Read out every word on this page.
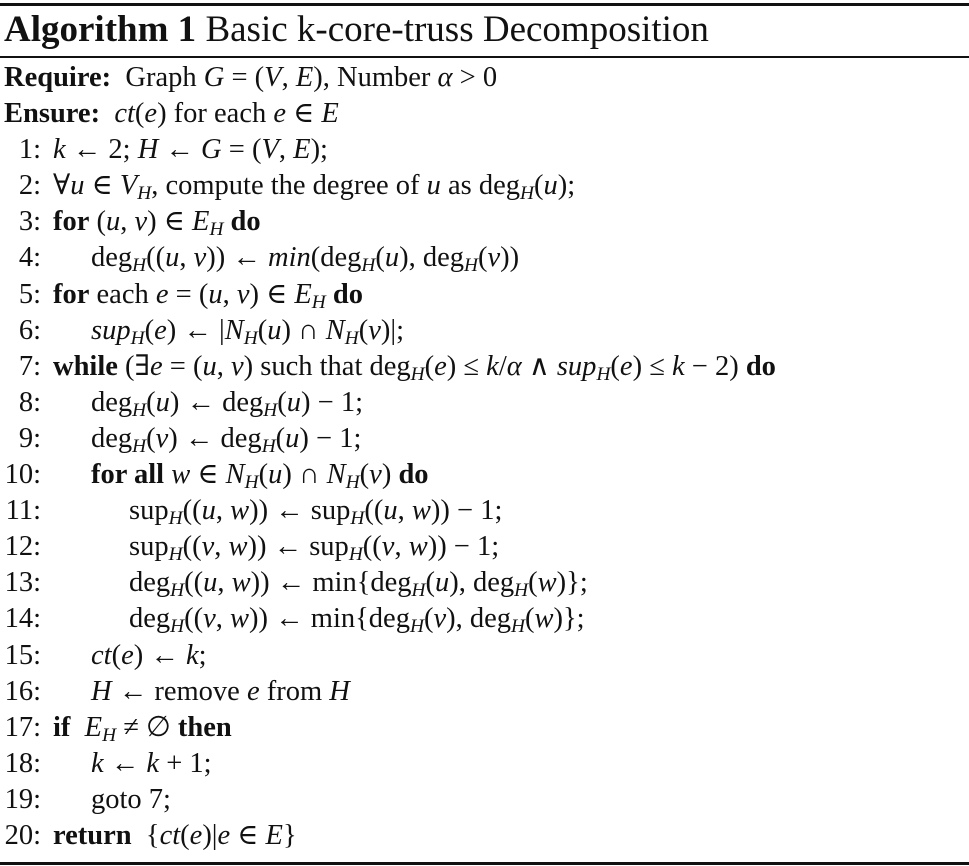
Algorithm 1 Basic k-core-truss Decomposition
Require:  Graph G = (V, E), Number α > 0
Ensure: ct(e) for each e ∈ E
1: k ← 2; H ← G = (V, E);
2: ∀u ∈ $V_H$, compute the degree of u as deg$_H$(u);
3: for (u, v) ∈ $E_H$ do
4: deg$_H$((u, v)) ← min(deg$_H$(u), deg$_H$(v))
5: for each e = (u, v) ∈ $E_H$ do
6: sup$_H$(e) ← $|N_H(u)$ ∩ $N_H(v)|$;
7: while (∃e = (u, v) such that deg$_H$(e) ≤ k/α ∧ sup$_H$(e) ≤ k − 2) do
8: deg$_H$(u) ← deg$_H$(u) − 1;
9: deg$_H$(v) ← deg$_H$(u) − 1;
10: for all w ∈ $N_H(u)$ ∩ $N_H(v)$ do
11:	sup$_H$((u, w)) ← sup$_H$((u, w)) − 1;
12:	sup$_H$((v, w)) ← sup$_H$((v, w)) − 1;
13:	deg$_H$((u, w)) ← min{deg$_H$(u), deg$_H$(w)};
14:	deg$_H$((v, w)) ← min{deg$_H$(v), deg$_H$(w)};
15: ct(e) ← k;
16: H ← remove e from H
17: if $E_H$ ≠ ∅ then
18: k ← k + 1;
19: goto 7;
20: return  {ct(e)|e ∈ E}
